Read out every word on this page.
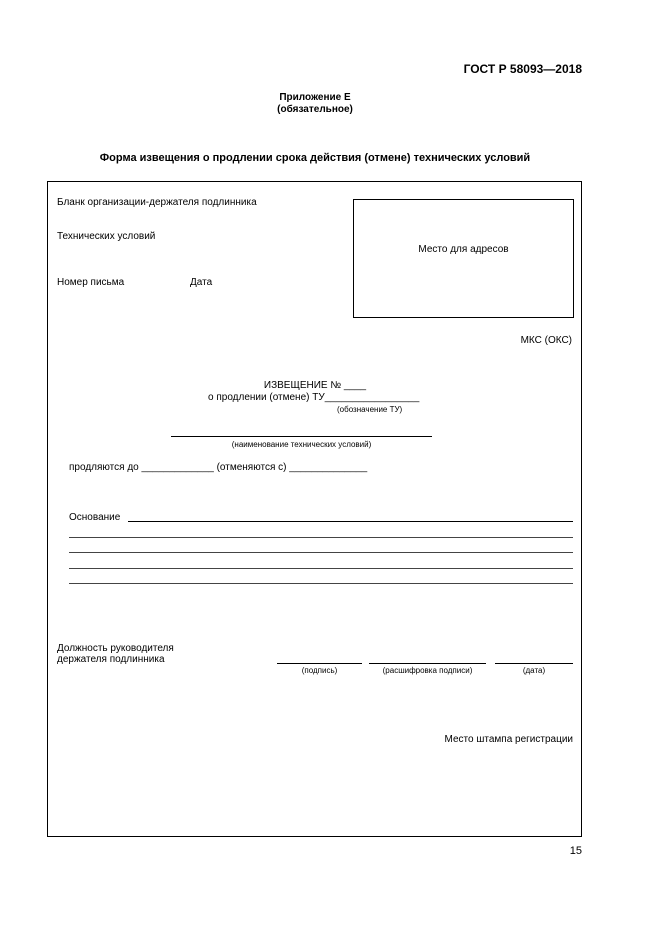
ГОСТ Р 58093—2018
Приложение Е
(обязательное)
Форма извещения о продлении срока действия (отмене) технических условий
Бланк организации-держателя подлинника
Технических условий
Номер письма	Дата
Место для адресов
МКС (ОКС)
ИЗВЕЩЕНИЕ № ____
о продлении (отмене) ТУ_________________
(обозначение ТУ)
(наименование технических условий)
продляются до _____________ (отменяются с) ______________
Основание
Должность руководителя
держателя подлинника
(подпись)	(расшифровка подписи)	(дата)
Место штампа регистрации
15
